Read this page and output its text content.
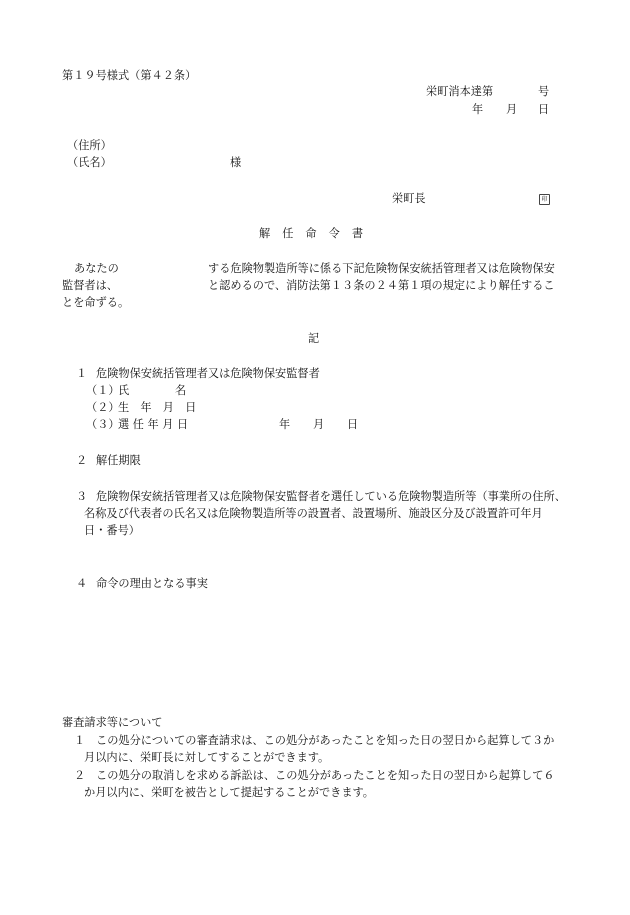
第１９号様式（第４２条）
栄町消本達第	号
年 月 日
（住所）
（氏名）	様
栄町長	印
解 任 命 令 書
あなたの	する危険物製造所等に係る下記危険物保安統括管理者又は危険物保安
監督者は、	と認めるので、消防法第１３条の２４第１項の規定により解任するこ
とを命ずる。
記
１ 危険物保安統括管理者又は危険物保安監督者
（１）
氏	名
（２）
生　年　月　日
（３）
選 任 年 月 日	年 月 日
２ 解任期限
３ 危険物保安統括管理者又は危険物保安監督者を選任している危険物製造所等（事業所の住所、
名称及び代表者の氏名又は危険物製造所等の設置者、設置場所、施設区分及び設置許可年月
日・番号）
４ 命令の理由となる事実
審査請求等について
１ この処分についての審査請求は、この処分があったことを知った日の翌日から起算して３か
月以内に、栄町長に対してすることができます。
２ この処分の取消しを求める訴訟は、この処分があったことを知った日の翌日から起算して６
か月以内に、栄町を被告として提起することができます。
